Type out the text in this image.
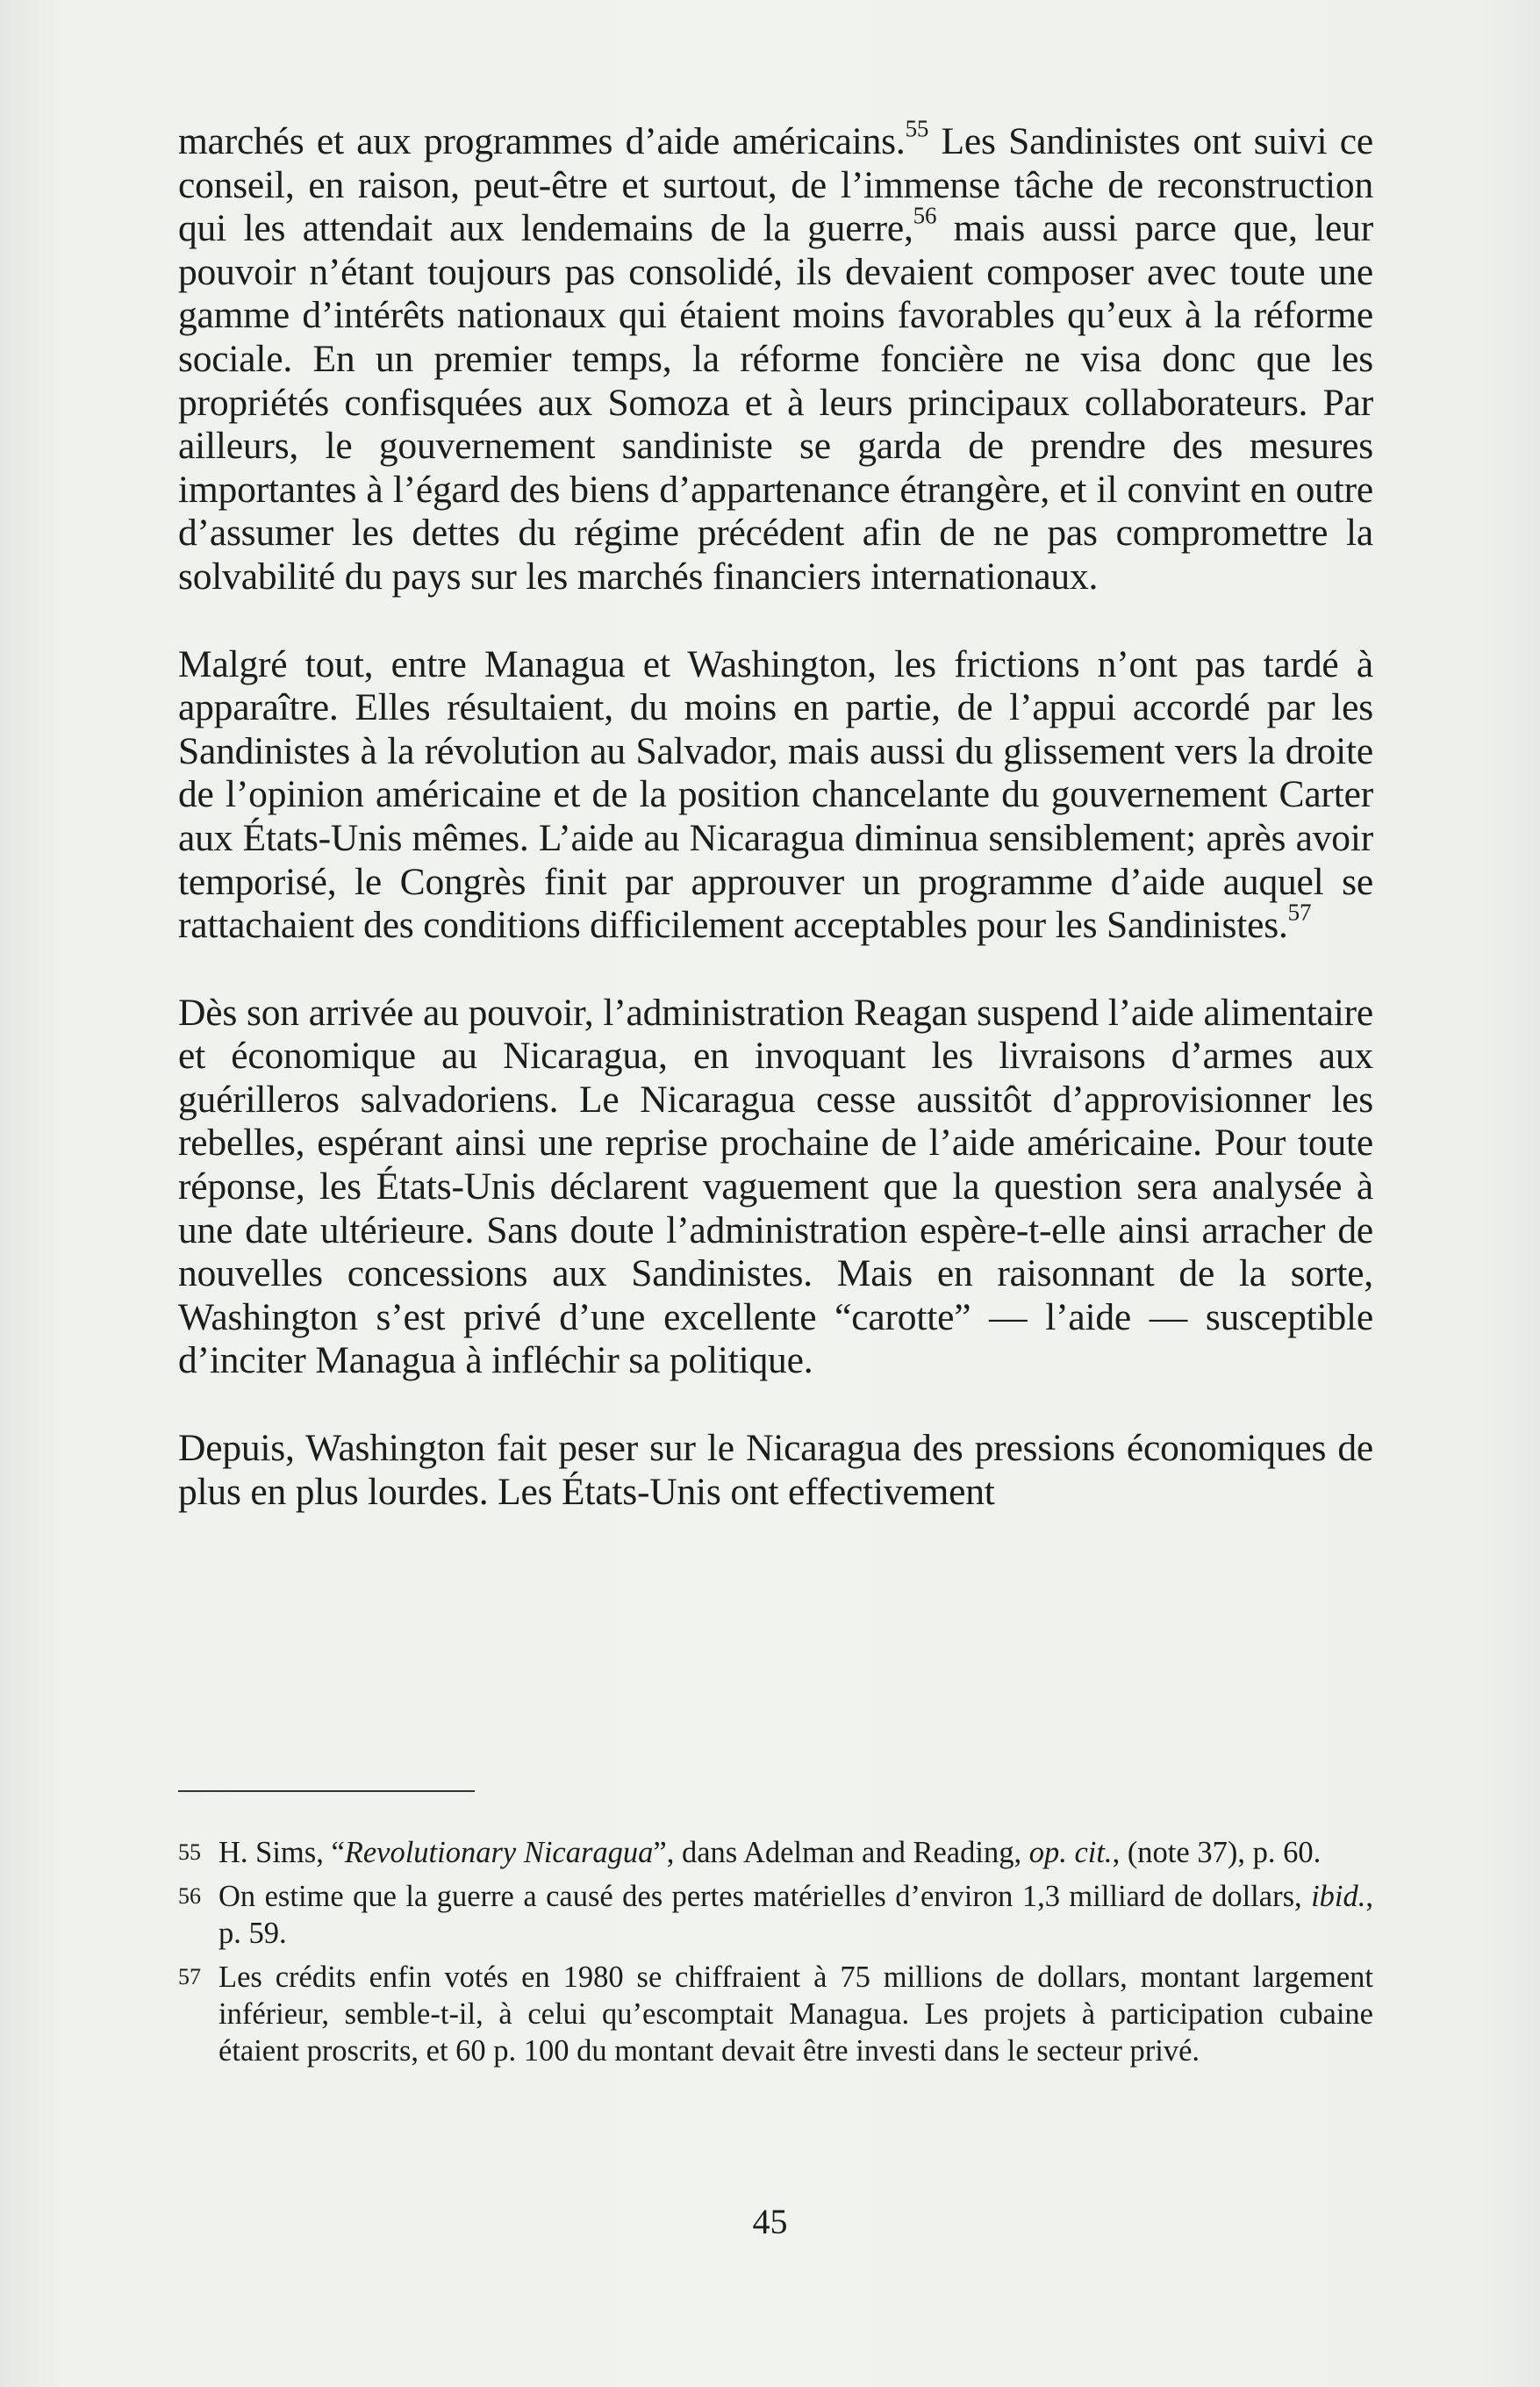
marchés et aux programmes d’aide américains.$^{55}$ Les Sandinistes ont suivi ce conseil, en raison, peut-être et surtout, de l’immense tâche de reconstruction qui les attendait aux lendemains de la guerre,$^{56}$ mais aussi parce que, leur pouvoir n’étant toujours pas consolidé, ils devaient composer avec toute une gamme d’intérêts nationaux qui étaient moins favorables qu’eux à la réforme sociale. En un premier temps, la réforme foncière ne visa donc que les propriétés confisquées aux Somoza et à leurs principaux collaborateurs. Par ailleurs, le gouvernement sandiniste se garda de prendre des mesures importantes à l’égard des biens d’appartenance étrangère, et il convint en outre d’assumer les dettes du régime précédent afin de ne pas compromettre la solvabilité du pays sur les marchés financiers internationaux.

Malgré tout, entre Managua et Washington, les frictions n’ont pas tardé à apparaître. Elles résultaient, du moins en partie, de l’appui accordé par les Sandinistes à la révolution au Salvador, mais aussi du glissement vers la droite de l’opinion américaine et de la position chancelante du gouvernement Carter aux États-Unis mêmes. L’aide au Nicaragua diminua sensiblement; après avoir temporisé, le Congrès finit par approuver un programme d’aide auquel se rattachaient des conditions difficilement acceptables pour les Sandinistes.$^{57}$

Dès son arrivée au pouvoir, l’administration Reagan suspend l’aide alimentaire et économique au Nicaragua, en invoquant les livraisons d’armes aux guérilleros salvadoriens. Le Nicaragua cesse aussitôt d’approvisionner les rebelles, espérant ainsi une reprise prochaine de l’aide américaine. Pour toute réponse, les États-Unis déclarent vaguement que la question sera analysée à une date ultérieure. Sans doute l’administration espère-t-elle ainsi arracher de nouvelles concessions aux Sandinistes. Mais en raisonnant de la sorte, Washington s’est privé d’une excellente “carotte” — l’aide — susceptible d’inciter Managua à infléchir sa politique.

Depuis, Washington fait peser sur le Nicaragua des pressions économiques de plus en plus lourdes. Les États-Unis ont effectivement

55 H. Sims, “Revolutionary Nicaragua”, dans Adelman and Reading, op. cit., (note 37), p. 60.
56 On estime que la guerre a causé des pertes matérielles d’environ 1,3 milliard de dollars, ibid., p. 59.
57 Les crédits enfin votés en 1980 se chiffraient à 75 millions de dollars, montant largement inférieur, semble-t-il, à celui qu’escomptait Managua. Les projets à participation cubaine étaient proscrits, et 60 p. 100 du montant devait être investi dans le secteur privé.
45
